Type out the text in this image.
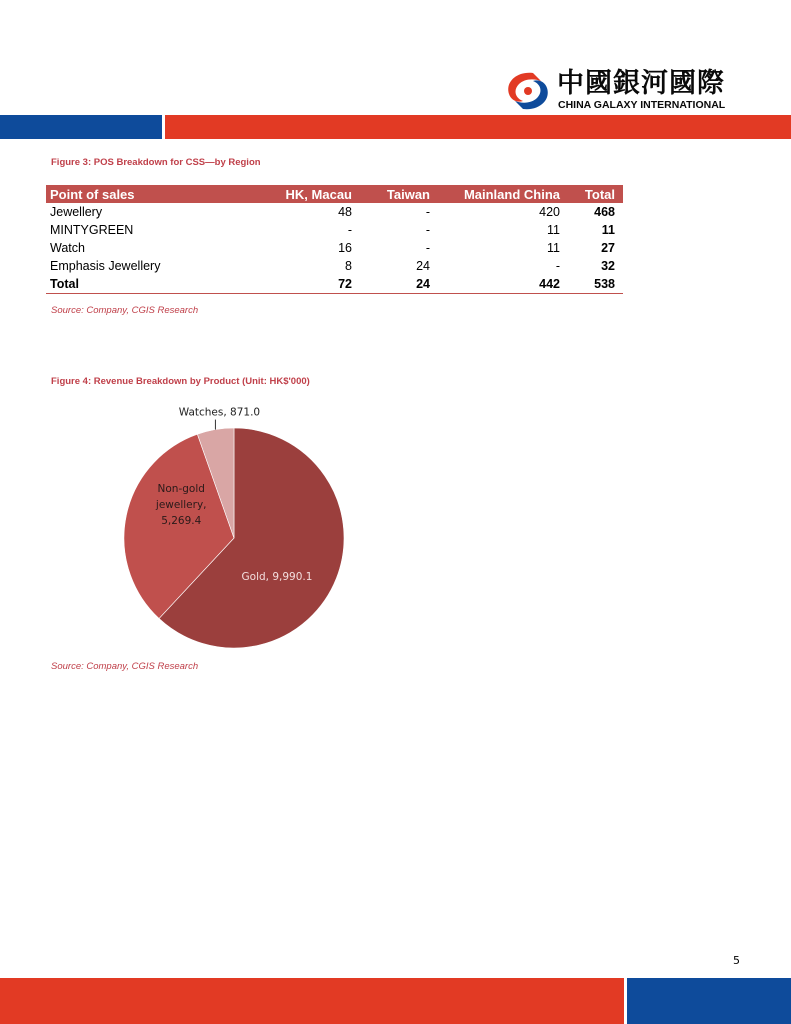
中國銀河國際
CHINA GALAXY INTERNATIONAL
Figure 3: POS Breakdown for CSS—by Region
Point of sales	HK, Macau	Taiwan	Mainland China	Total
Jewellery	48	-	420	468
MINTYGREEN	-	-	11	11
Watch	16	-	11	27
Emphasis Jewellery	8	24	-	32
Total	72	24	442	538
Source: Company, CGIS Research
Figure 4: Revenue Breakdown by Product (Unit: HK$'000)
Gold, 9,990.1
Non-gold
jewellery,
5,269.4
Watches, 871.0
Source: Company, CGIS Research
5
